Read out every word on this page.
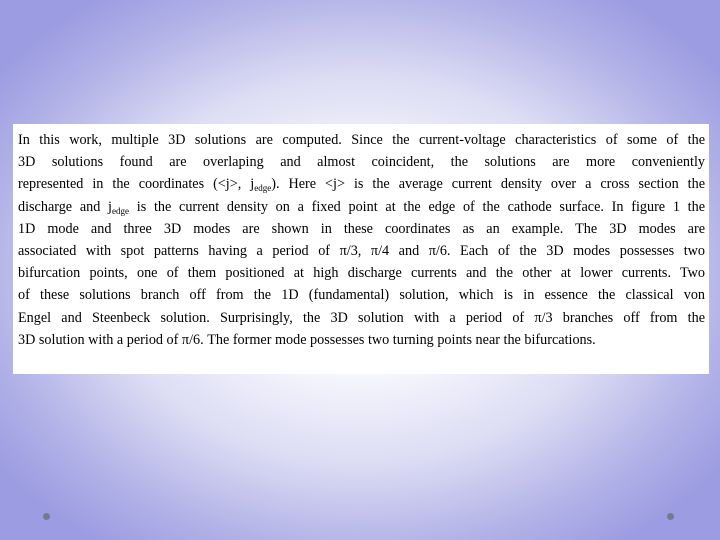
In this work, multiple 3D solutions are computed. Since the current-voltage characteristics of some of the
3D solutions found are overlaping and almost coincident, the solutions are more conveniently
represented in the coordinates (<j>, $j_{edge}$). Here <j> is the average current density over a cross section the
discharge and $j_{edge}$ is the current density on a fixed point at the edge of the cathode surface. In figure 1 the
1D mode and three 3D modes are shown in these coordinates as an example. The 3D modes are
associated with spot patterns having a period of π/3, π/4 and π/6. Each of the 3D modes possesses two
bifurcation points, one of them positioned at high discharge currents and the other at lower currents. Two
of these solutions branch off from the 1D (fundamental) solution, which is in essence the classical von
Engel and Steenbeck solution. Surprisingly, the 3D solution with a period of π/3 branches off from the
3D solution with a period of π/6. The former mode possesses two turning points near the bifurcations.
